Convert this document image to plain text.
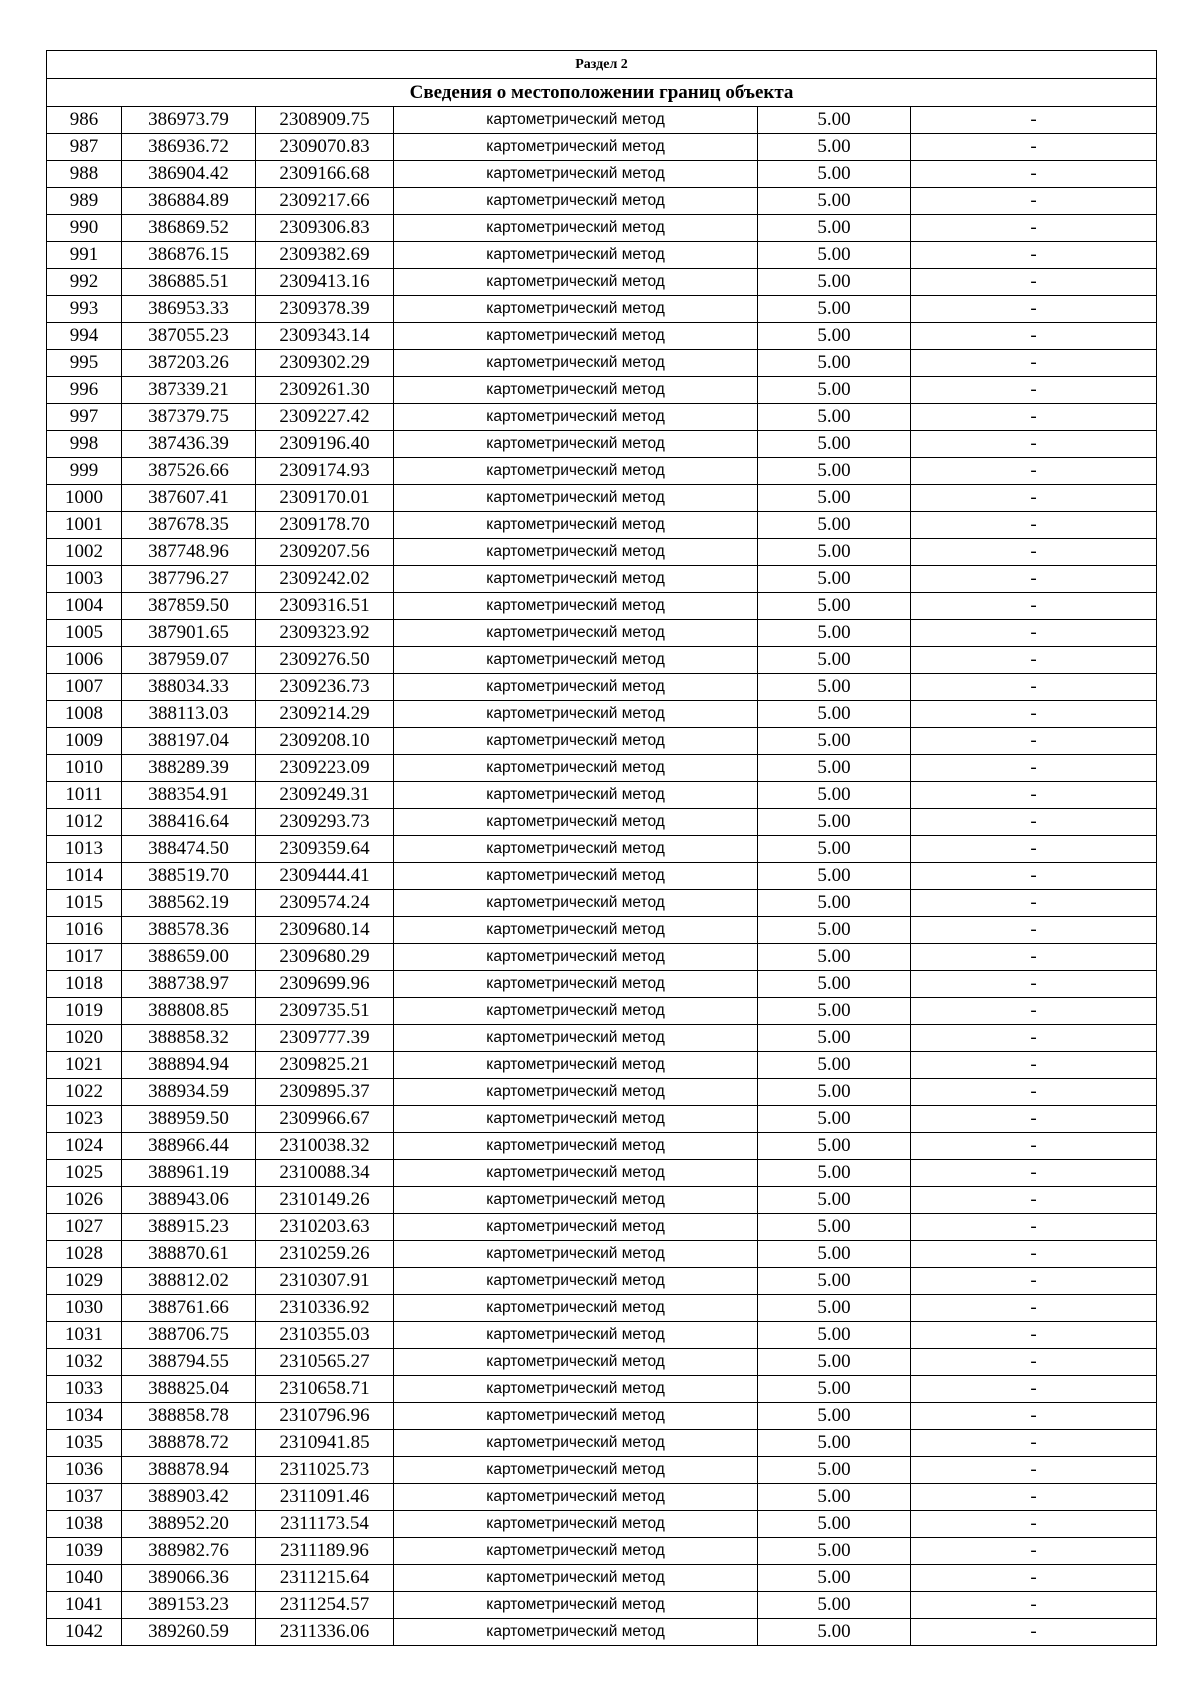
Раздел 2					
Сведения о местоположении границ объекта					
986	386973.79	2308909.75	картометрический метод	5.00	-
987	386936.72	2309070.83	картометрический метод	5.00	-
988	386904.42	2309166.68	картометрический метод	5.00	-
989	386884.89	2309217.66	картометрический метод	5.00	-
990	386869.52	2309306.83	картометрический метод	5.00	-
991	386876.15	2309382.69	картометрический метод	5.00	-
992	386885.51	2309413.16	картометрический метод	5.00	-
993	386953.33	2309378.39	картометрический метод	5.00	-
994	387055.23	2309343.14	картометрический метод	5.00	-
995	387203.26	2309302.29	картометрический метод	5.00	-
996	387339.21	2309261.30	картометрический метод	5.00	-
997	387379.75	2309227.42	картометрический метод	5.00	-
998	387436.39	2309196.40	картометрический метод	5.00	-
999	387526.66	2309174.93	картометрический метод	5.00	-
1000	387607.41	2309170.01	картометрический метод	5.00	-
1001	387678.35	2309178.70	картометрический метод	5.00	-
1002	387748.96	2309207.56	картометрический метод	5.00	-
1003	387796.27	2309242.02	картометрический метод	5.00	-
1004	387859.50	2309316.51	картометрический метод	5.00	-
1005	387901.65	2309323.92	картометрический метод	5.00	-
1006	387959.07	2309276.50	картометрический метод	5.00	-
1007	388034.33	2309236.73	картометрический метод	5.00	-
1008	388113.03	2309214.29	картометрический метод	5.00	-
1009	388197.04	2309208.10	картометрический метод	5.00	-
1010	388289.39	2309223.09	картометрический метод	5.00	-
1011	388354.91	2309249.31	картометрический метод	5.00	-
1012	388416.64	2309293.73	картометрический метод	5.00	-
1013	388474.50	2309359.64	картометрический метод	5.00	-
1014	388519.70	2309444.41	картометрический метод	5.00	-
1015	388562.19	2309574.24	картометрический метод	5.00	-
1016	388578.36	2309680.14	картометрический метод	5.00	-
1017	388659.00	2309680.29	картометрический метод	5.00	-
1018	388738.97	2309699.96	картометрический метод	5.00	-
1019	388808.85	2309735.51	картометрический метод	5.00	-
1020	388858.32	2309777.39	картометрический метод	5.00	-
1021	388894.94	2309825.21	картометрический метод	5.00	-
1022	388934.59	2309895.37	картометрический метод	5.00	-
1023	388959.50	2309966.67	картометрический метод	5.00	-
1024	388966.44	2310038.32	картометрический метод	5.00	-
1025	388961.19	2310088.34	картометрический метод	5.00	-
1026	388943.06	2310149.26	картометрический метод	5.00	-
1027	388915.23	2310203.63	картометрический метод	5.00	-
1028	388870.61	2310259.26	картометрический метод	5.00	-
1029	388812.02	2310307.91	картометрический метод	5.00	-
1030	388761.66	2310336.92	картометрический метод	5.00	-
1031	388706.75	2310355.03	картометрический метод	5.00	-
1032	388794.55	2310565.27	картометрический метод	5.00	-
1033	388825.04	2310658.71	картометрический метод	5.00	-
1034	388858.78	2310796.96	картометрический метод	5.00	-
1035	388878.72	2310941.85	картометрический метод	5.00	-
1036	388878.94	2311025.73	картометрический метод	5.00	-
1037	388903.42	2311091.46	картометрический метод	5.00	-
1038	388952.20	2311173.54	картометрический метод	5.00	-
1039	388982.76	2311189.96	картометрический метод	5.00	-
1040	389066.36	2311215.64	картометрический метод	5.00	-
1041	389153.23	2311254.57	картометрический метод	5.00	-
1042	389260.59	2311336.06	картометрический метод	5.00	-
